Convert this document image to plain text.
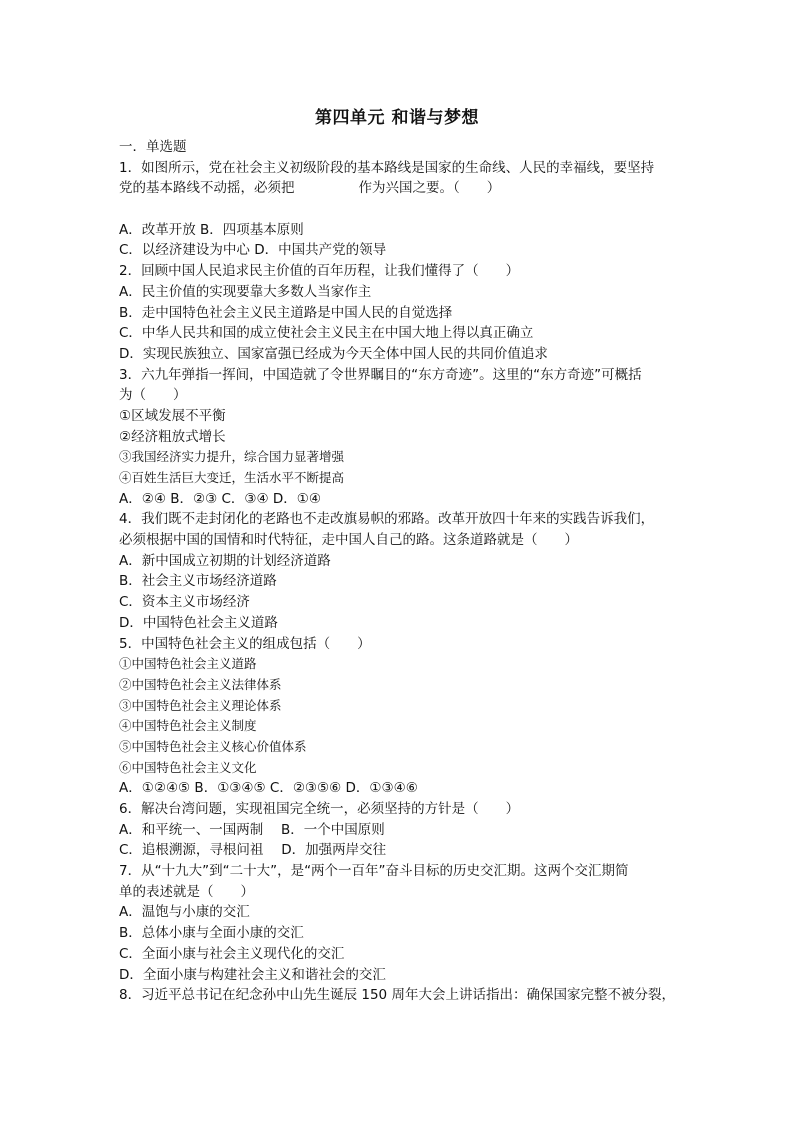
第四单元 和谐与梦想
一．单选题
1．如图所示，党在社会主义初级阶段的基本路线是国家的生命线、人民的幸福线，要坚持
党的基本路线不动摇，必须把	作为兴国之要。（　　）
A．改革开放 B．四项基本原则
C．以经济建设为中心 D．中国共产党的领导
2．回顾中国人民追求民主价值的百年历程，让我们懂得了（　　）
A．民主价值的实现要靠大多数人当家作主
B．走中国特色社会主义民主道路是中国人民的自觉选择
C．中华人民共和国的成立使社会主义民主在中国大地上得以真正确立
D．实现民族独立、国家富强已经成为今天全体中国人民的共同价值追求
3．六九年弹指一挥间，中国造就了令世界瞩目的“东方奇迹”。这里的“东方奇迹”可概括
为（　　）
①区域发展不平衡
②经济粗放式增长
③我国经济实力提升，综合国力显著增强
④百姓生活巨大变迁，生活水平不断提高
A．②④ B．②③ C．③④ D．①④
4．我们既不走封闭化的老路也不走改旗易帜的邪路。改革开放四十年来的实践告诉我们，
必须根据中国的国情和时代特征，走中国人自己的路。这条道路就是（　　）
A．新中国成立初期的计划经济道路
B．社会主义市场经济道路
C．资本主义市场经济
D．中国特色社会主义道路
5．中国特色社会主义的组成包括（　　）
①中国特色社会主义道路
②中国特色社会主义法律体系
③中国特色社会主义理论体系
④中国特色社会主义制度
⑤中国特色社会主义核心价值体系
⑥中国特色社会主义文化
A．①②④⑤ B．①③④⑤ C．②③⑤⑥ D．①③④⑥
6．解决台湾问题，实现祖国完全统一，必须坚持的方针是（　　）
A．和平统一、一国两制　 B．一个中国原则
C．追根溯源，寻根问祖　 D．加强两岸交往
7．从“十九大”到“二十大”，是“两个一百年”奋斗目标的历史交汇期。这两个交汇期简
单的表述就是（　　）
A．温饱与小康的交汇
B．总体小康与全面小康的交汇
C．全面小康与社会主义现代化的交汇
D．全面小康与构建社会主义和谐社会的交汇
8．习近平总书记在纪念孙中山先生诞辰 150 周年大会上讲话指出：确保国家完整不被分裂，
